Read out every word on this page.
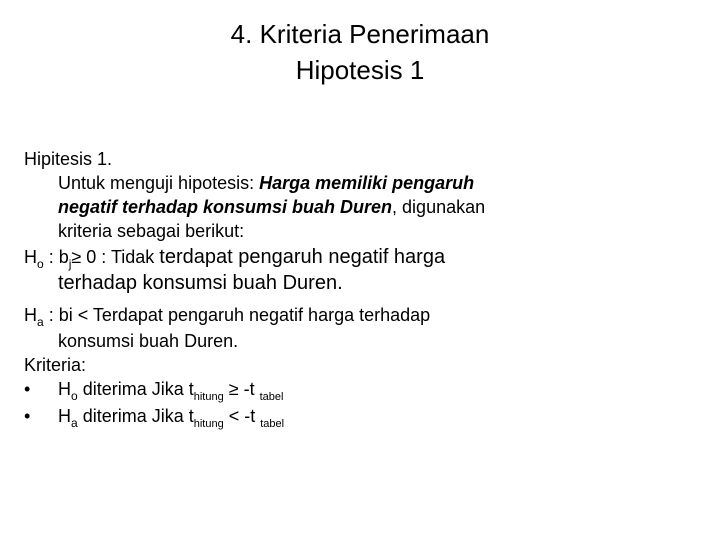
4. Kriteria Penerimaan
Hipotesis 1
Hipitesis 1.
Untuk menguji hipotesis: Harga memiliki pengaruh
negatif terhadap konsumsi buah Duren, digunakan
kriteria sebagai berikut:
$H_o$ : $b_j\ge 0$ : Tidak terdapat pengaruh negatif harga
terhadap konsumsi buah Duren.
$H_a$ : bi < Terdapat pengaruh negatif harga terhadap
konsumsi buah Duren.
Kriteria:
• $H_o$ diterima Jika $t_{hitung} \ge -t$ $_{tabel}$
• $H_a$ diterima Jika $t_{hitung} < -t$ $_{tabel}$
